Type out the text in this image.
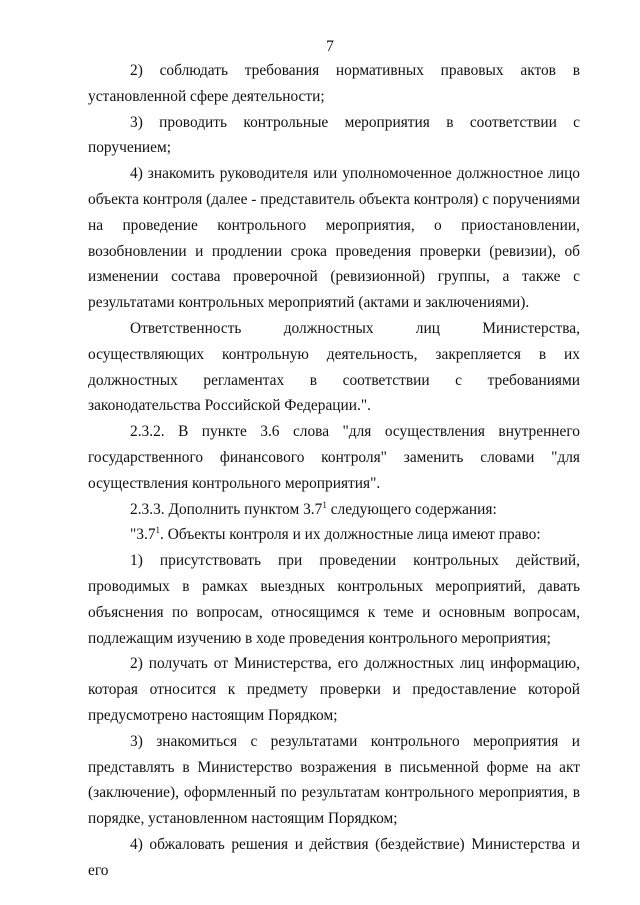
7

2) соблюдать требования нормативных правовых актов в установленной сфере деятельности;

3) проводить контрольные мероприятия в соответствии с поручением;

4) знакомить руководителя или уполномоченное должностное лицо объекта контроля (далее - представитель объекта контроля) с поручениями на проведение контрольного мероприятия, о приостановлении, возобновлении и продлении срока проведения проверки (ревизии), об изменении состава проверочной (ревизионной) группы, а также с результатами контрольных мероприятий (актами и заключениями).

Ответственность должностных лиц Министерства, осуществляющих контрольную деятельность, закрепляется в их должностных регламентах в соответствии с требованиями законодательства Российской Федерации.".

2.3.2. В пункте 3.6 слова "для осуществления внутреннего государственного финансового контроля" заменить словами "для осуществления контрольного мероприятия".

2.3.3. Дополнить пунктом $3.7^1$ следующего содержания:

"$3.7^1$. Объекты контроля и их должностные лица имеют право:

1) присутствовать при проведении контрольных действий, проводимых в рамках выездных контрольных мероприятий, давать объяснения по вопросам, относящимся к теме и основным вопросам, подлежащим изучению в ходе проведения контрольного мероприятия;

2) получать от Министерства, его должностных лиц информацию, которая относится к предмету проверки и предоставление которой предусмотрено настоящим Порядком;

3) знакомиться с результатами контрольного мероприятия и представлять в Министерство возражения в письменной форме на акт (заключение), оформленный по результатам контрольного мероприятия, в порядке, установленном настоящим Порядком;

4) обжаловать решения и действия (бездействие) Министерства и его
